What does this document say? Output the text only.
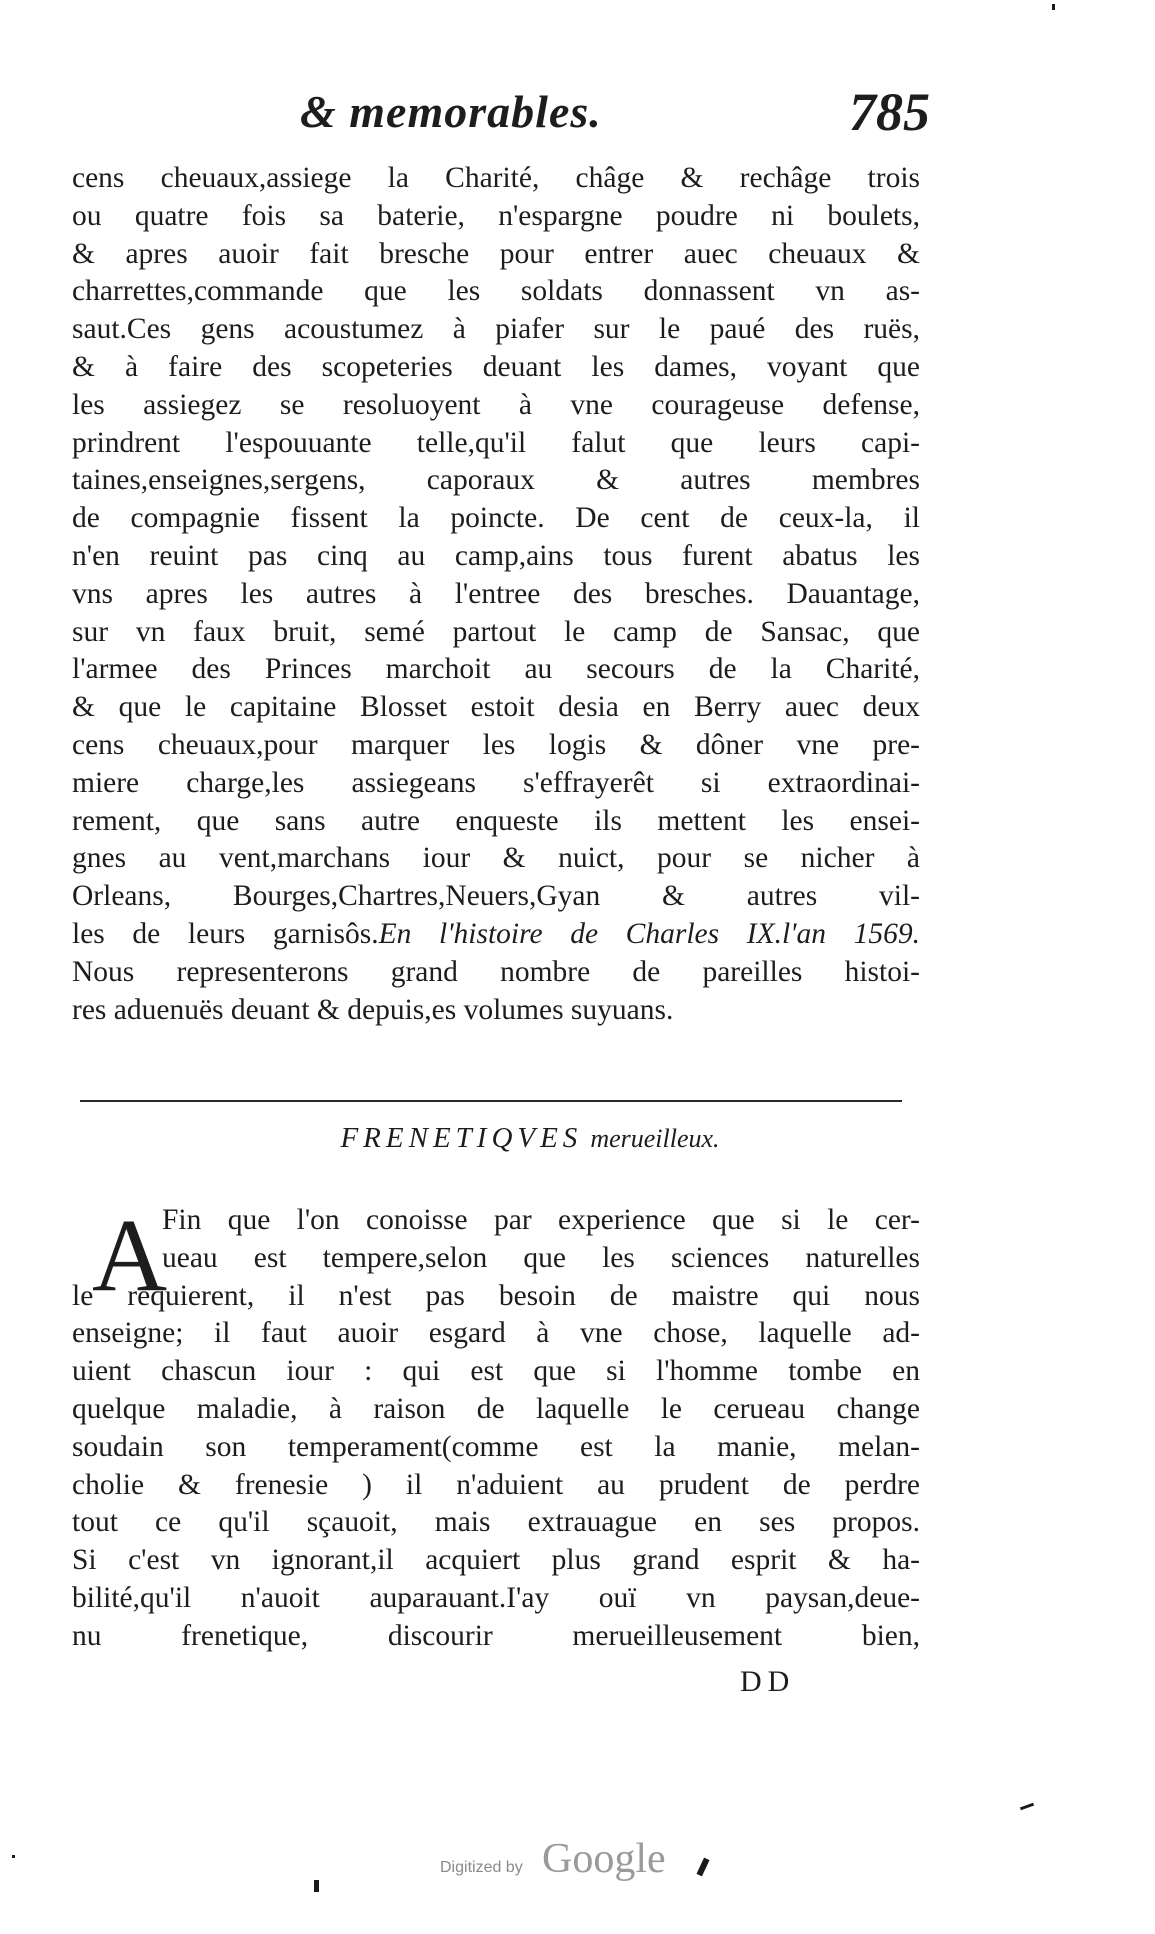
& memorables.	785
cens cheuaux,assiege la Charité, châge & rechâge trois
ou quatre fois sa baterie, n'espargne poudre ni boulets,
& apres auoir fait bresche pour entrer auec cheuaux &
charrettes,commande que les soldats donnassent vn as-
saut.Ces gens acoustumez à piafer sur le paué des ruës,
& à faire des scopeteries deuant les dames, voyant que
les assiegez se resoluoyent à vne courageuse defense,
prindrent l'espouuante telle,qu'il falut que leurs capi-
taines,enseignes,sergens, caporaux & autres membres
de compagnie fissent la poincte. De cent de ceux-la, il
n'en reuint pas cinq au camp,ains tous furent abatus les
vns apres les autres à l'entree des bresches. Dauantage,
sur vn faux bruit, semé partout le camp de Sansac, que
l'armee des Princes marchoit au secours de la Charité,
& que le capitaine Blosset estoit desia en Berry auec deux
cens cheuaux,pour marquer les logis & dôner vne pre-
miere charge,les assiegeans s'effrayerêt si extraordinai-
rement, que sans autre enqueste ils mettent les ensei-
gnes au vent,marchans iour & nuict, pour se nicher à
Orleans, Bourges,Chartres,Neuers,Gyan & autres vil-
les de leurs garnisôs.En l'histoire de Charles IX.l'an 1569.
Nous representerons grand nombre de pareilles histoi-
res aduenuës deuant & depuis,es volumes suyuans.
FRENETIQVES merueilleux.
A
Fin que l'on conoisse par experience que si le cer-
ueau est tempere,selon que les sciences naturelles
le requierent, il n'est pas besoin de maistre qui nous
enseigne; il faut auoir esgard à vne chose, laquelle ad-
uient chascun iour : qui est que si l'homme tombe en
quelque maladie, à raison de laquelle le cerueau change
soudain son temperament(comme est la manie, melan-
cholie & frenesie ) il n'aduient au prudent de perdre
tout ce qu'il sçauoit, mais extrauague en ses propos.
Si c'est vn ignorant,il acquiert plus grand esprit & ha-
bilité,qu'il n'auoit auparauant.I'ay ouï vn paysan,deue-
nu frenetique, discourir merueilleusement bien,
DD
Digitized by Google
